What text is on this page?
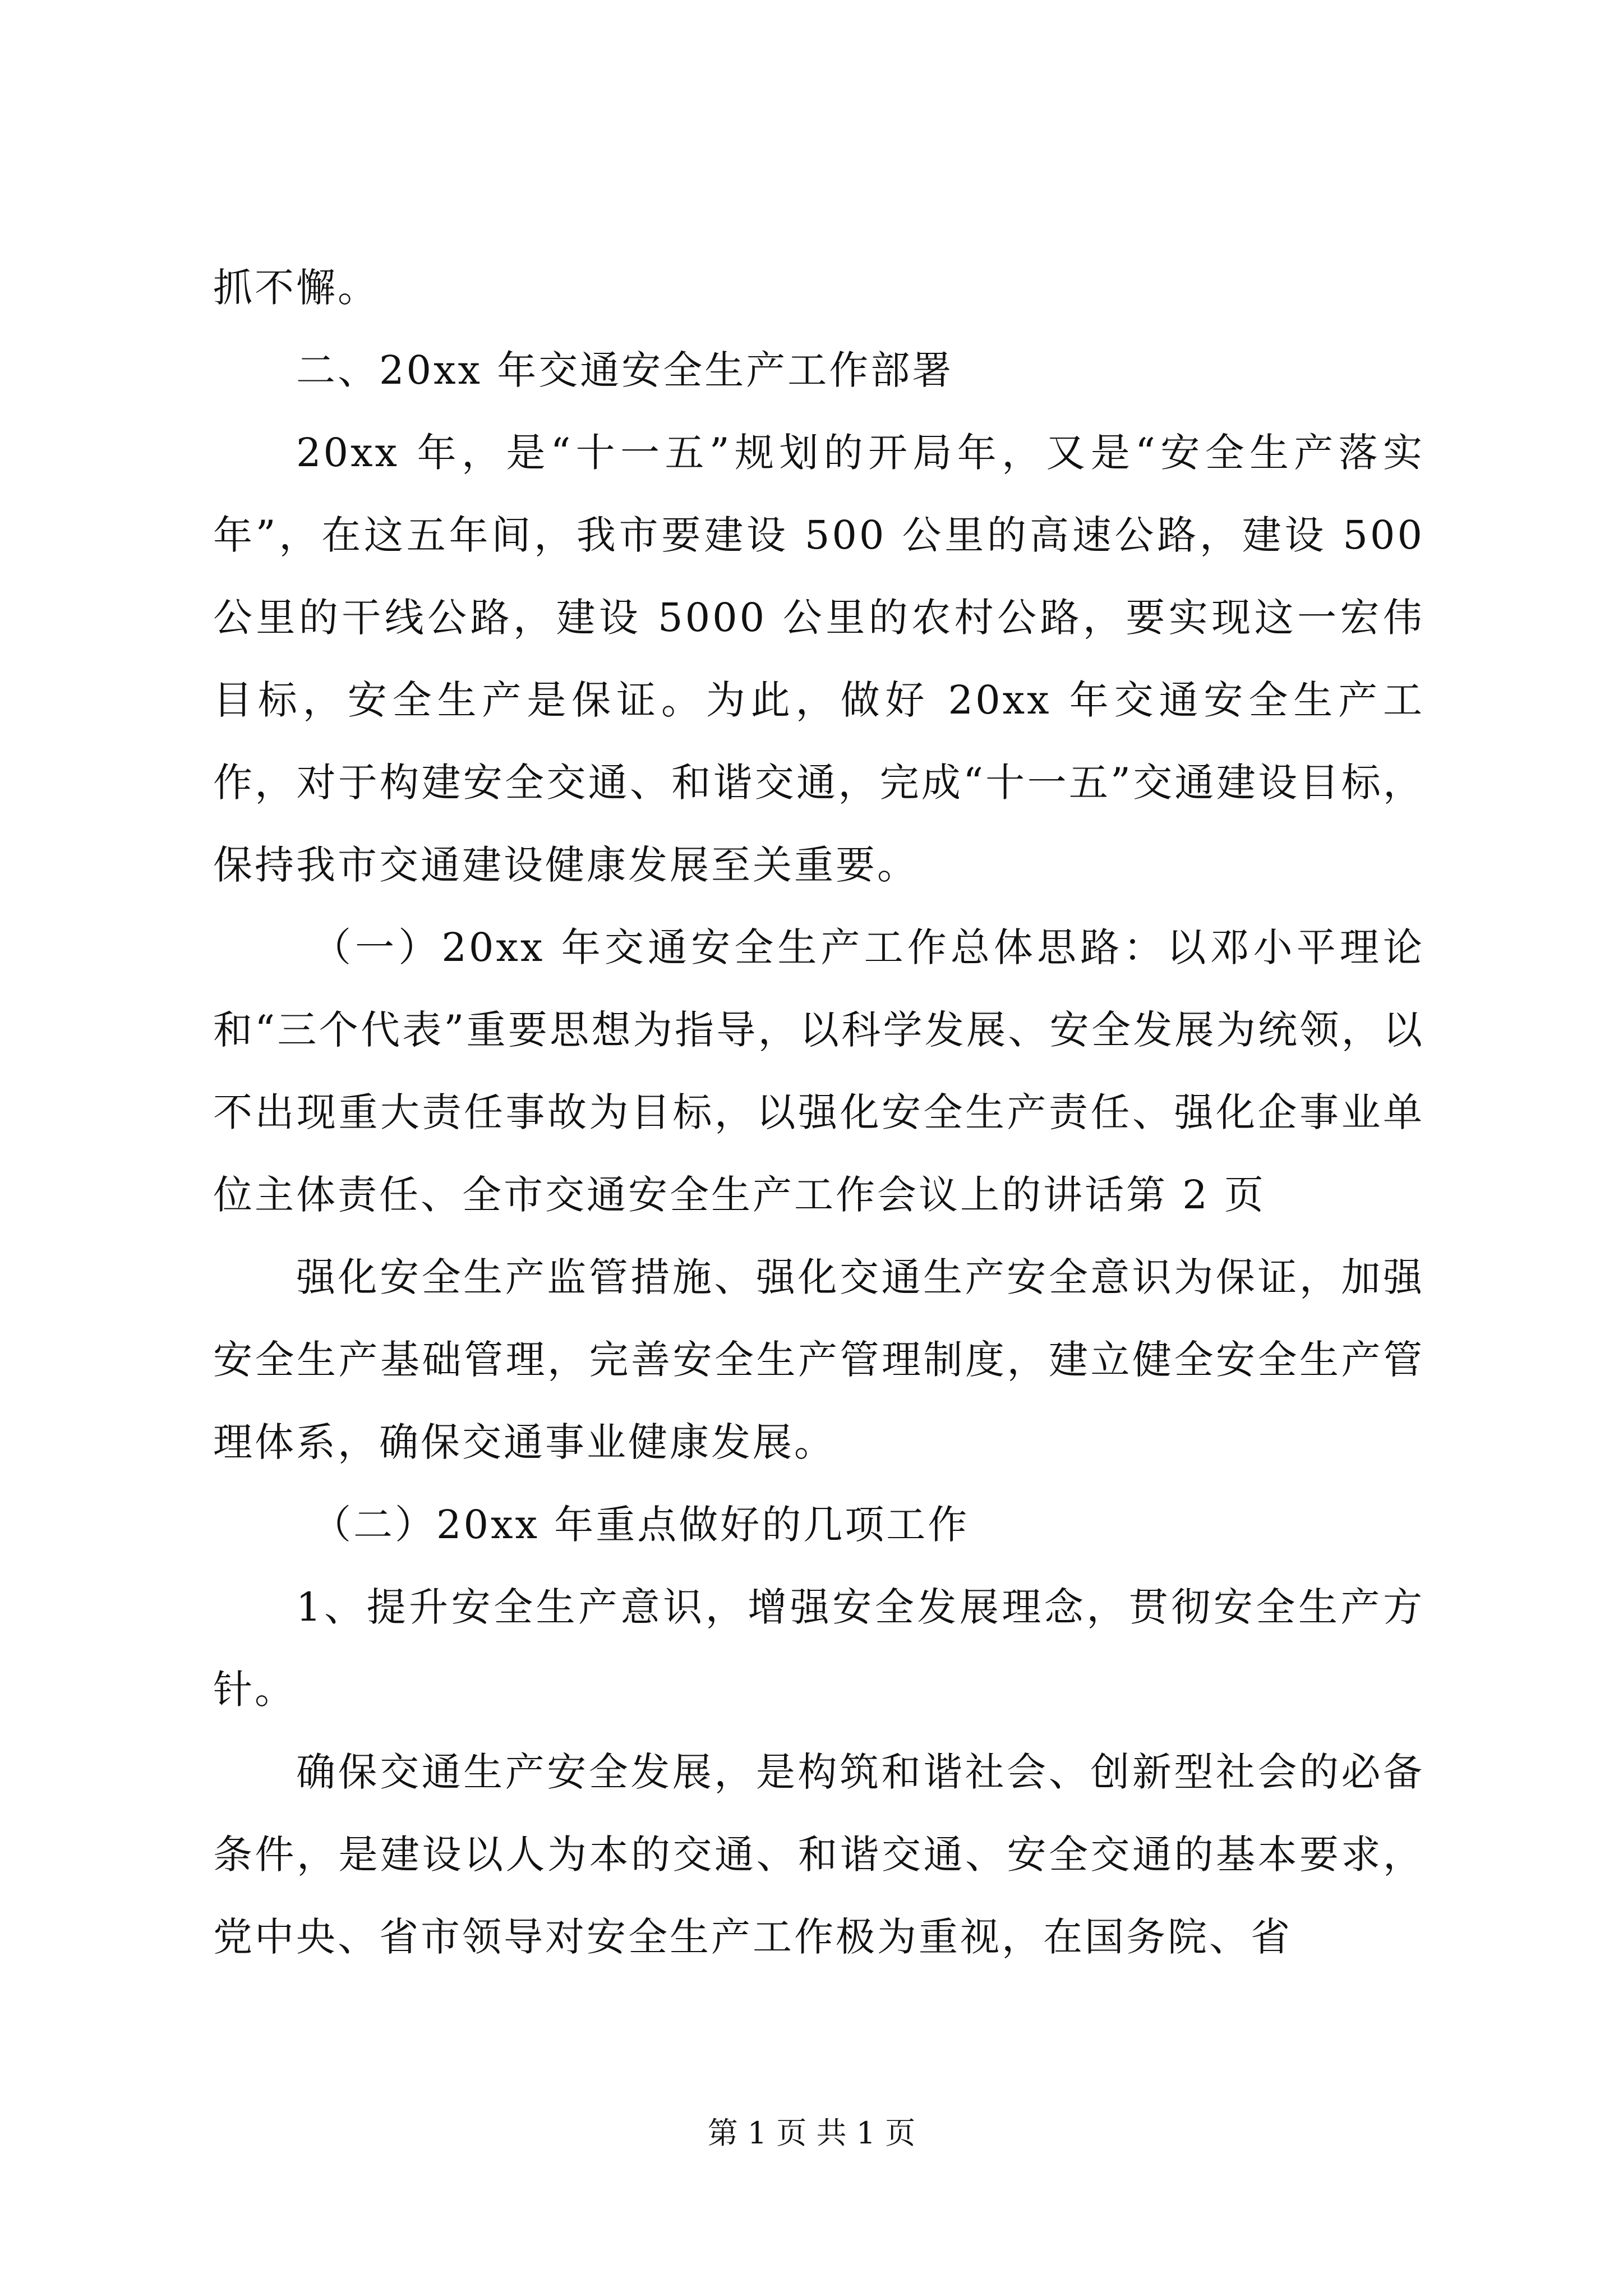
抓不懈。

二、20xx 年交通安全生产工作部署

20xx 年，是“十一五”规划的开局年，又是“安全生产落实年”，在这五年间，我市要建设 500 公里的高速公路，建设 500 公里的干线公路，建设 5000 公里的农村公路，要实现这一宏伟目标，安全生产是保证。为此，做好 20xx 年交通安全生产工作，对于构建安全交通、和谐交通，完成“十一五”交通建设目标，保持我市交通建设健康发展至关重要。

（一）20xx 年交通安全生产工作总体思路：以邓小平理论和“三个代表”重要思想为指导，以科学发展、安全发展为统领，以不出现重大责任事故为目标，以强化安全生产责任、强化企事业单位主体责任、全市交通安全生产工作会议上的讲话第 2 页

强化安全生产监管措施、强化交通生产安全意识为保证，加强安全生产基础管理，完善安全生产管理制度，建立健全安全生产管理体系，确保交通事业健康发展。

（二）20xx 年重点做好的几项工作

1、提升安全生产意识，增强安全发展理念，贯彻安全生产方针。

确保交通生产安全发展，是构筑和谐社会、创新型社会的必备条件，是建设以人为本的交通、和谐交通、安全交通的基本要求，党中央、省市领导对安全生产工作极为重视，在国务院、省

第 1 页 共 1 页
